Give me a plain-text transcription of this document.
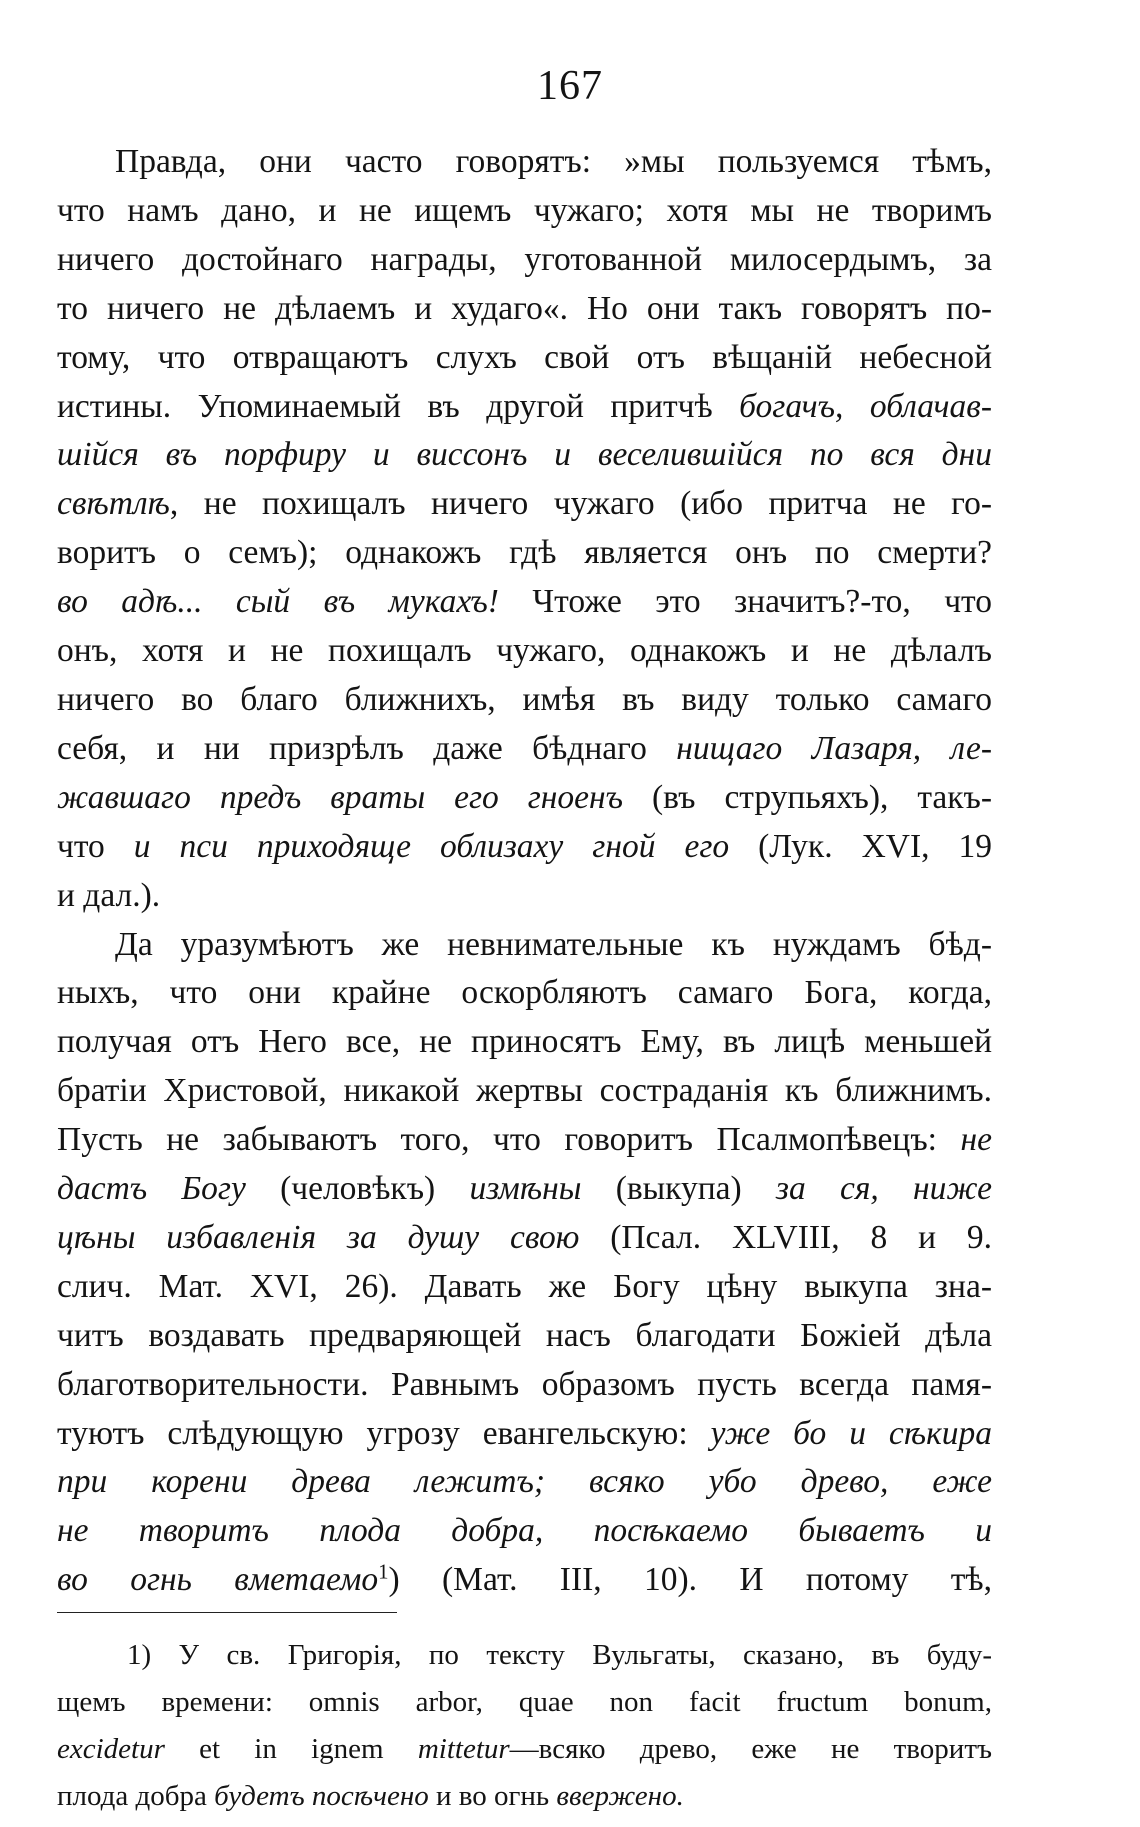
167
Правда, они часто говорятъ: »мы пользуемся тѣмъ,
что намъ дано, и не ищемъ чужаго; хотя мы не творимъ
ничего достойнаго награды, уготованной милосердымъ, за
то ничего не дѣлаемъ и худаго«. Но они такъ говорятъ по-
тому, что отвращаютъ слухъ свой отъ вѣщаній небесной
истины. Упоминаемый въ другой притчѣ богачъ, облачав-
шійся въ порфиру и виссонъ и веселившійся по вся дни
свѣтлѣ, не похищалъ ничего чужаго (ибо притча не го-
воритъ о семъ); однакожъ гдѣ является онъ по смерти?
во адѣ... сый въ мукахъ! Чтоже это значитъ?-то, что
онъ, хотя и не похищалъ чужаго, однакожъ и не дѣлалъ
ничего во благо ближнихъ, имѣя въ виду только самаго
себя, и ни призрѣлъ даже бѣднаго нищаго Лазаря, ле-
жавшаго предъ враты его гноенъ (въ струпьяхъ), такъ-
что и пси приходяще облизаху гной его (Лук. XVI, 19
и дал.).
Да уразумѣютъ же невнимательные къ нуждамъ бѣд-
ныхъ, что они крайне оскорбляютъ самаго Бога, когда,
получая отъ Него все, не приносятъ Ему, въ лицѣ меньшей
братіи Христовой, никакой жертвы состраданія къ ближнимъ.
Пусть не забываютъ того, что говоритъ Псалмопѣвецъ: не
дастъ Богу (человѣкъ) измѣны (выкупа) за ся, ниже
цѣны избавленія за душу свою (Псал. XLVIII, 8 и 9.
слич. Мат. XVI, 26). Давать же Богу цѣну выкупа зна-
читъ воздавать предваряющей насъ благодати Божіей дѣла
благотворительности. Равнымъ образомъ пусть всегда памя-
туютъ слѣдующую угрозу евангельскую: уже бо и сѣкира
при корени древа лежитъ; всяко убо древо, еже
не творитъ плода добра, посѣкаемо бываетъ и
во огнь вметаемо$^1$) (Мат. III, 10). И потому тѣ,
1) У св. Григорія, по тексту Вульгаты, сказано, въ буду-
щемъ времени: omnis arbor, quae non facit fructum bonum,
excidetur et in ignem mittetur—всяко древо, еже не творитъ
плода добра будетъ посѣчено и во огнь ввержено.
